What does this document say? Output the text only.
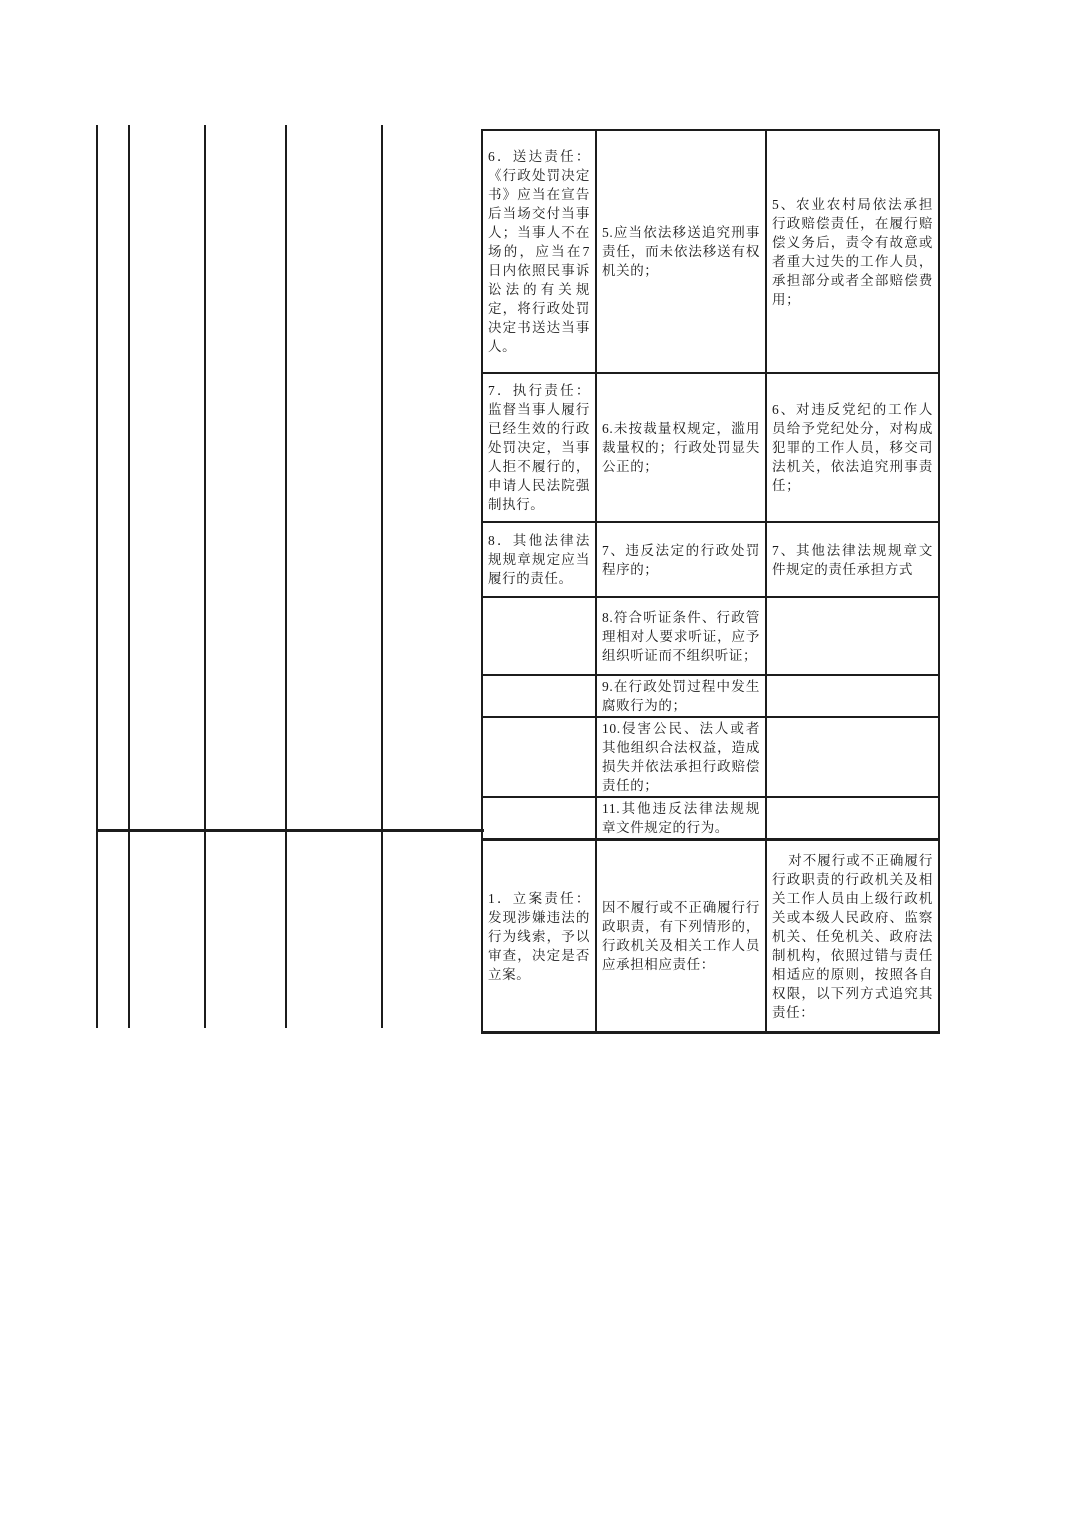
6．送达责任：《行政处罚决定书》应当在宣告后当场交付当事人；当事人不在场的，应当在7日内依照民事诉讼法的有关规定，将行政处罚决定书送达当事人。	5.应当依法移送追究刑事责任，而未依法移送有权机关的；	5、农业农村局依法承担行政赔偿责任，在履行赔偿义务后，责令有故意或者重大过失的工作人员，承担部分或者全部赔偿费用；

7．执行责任：监督当事人履行已经生效的行政处罚决定，当事人拒不履行的，申请人民法院强制执行。	6.未按裁量权规定，滥用裁量权的；行政处罚显失公正的；	6、对违反党纪的工作人员给予党纪处分，对构成犯罪的工作人员，移交司法机关，依法追究刑事责任；

8．其他法律法规规章规定应当履行的责任。	7、违反法定的行政处罚程序的；	7、其他法律法规规章文件规定的责任承担方式

	8.符合听证条件、行政管理相对人要求听证，应予组织听证而不组织听证；	

	9.在行政处罚过程中发生腐败行为的；	

	10.侵害公民、法人或者其他组织合法权益，造成损失并依法承担行政赔偿责任的；	

	11.其他违反法律法规规章文件规定的行为。	

1．立案责任：发现涉嫌违法的行为线索，予以审查，决定是否立案。	因不履行或不正确履行行政职责，有下列情形的，行政机关及相关工作人员应承担相应责任：	对不履行或不正确履行行政职责的行政机关及相关工作人员由上级行政机关或本级人民政府、监察机关、任免机关、政府法制机构，依照过错与责任相适应的原则，按照各自权限，以下列方式追究其责任：
